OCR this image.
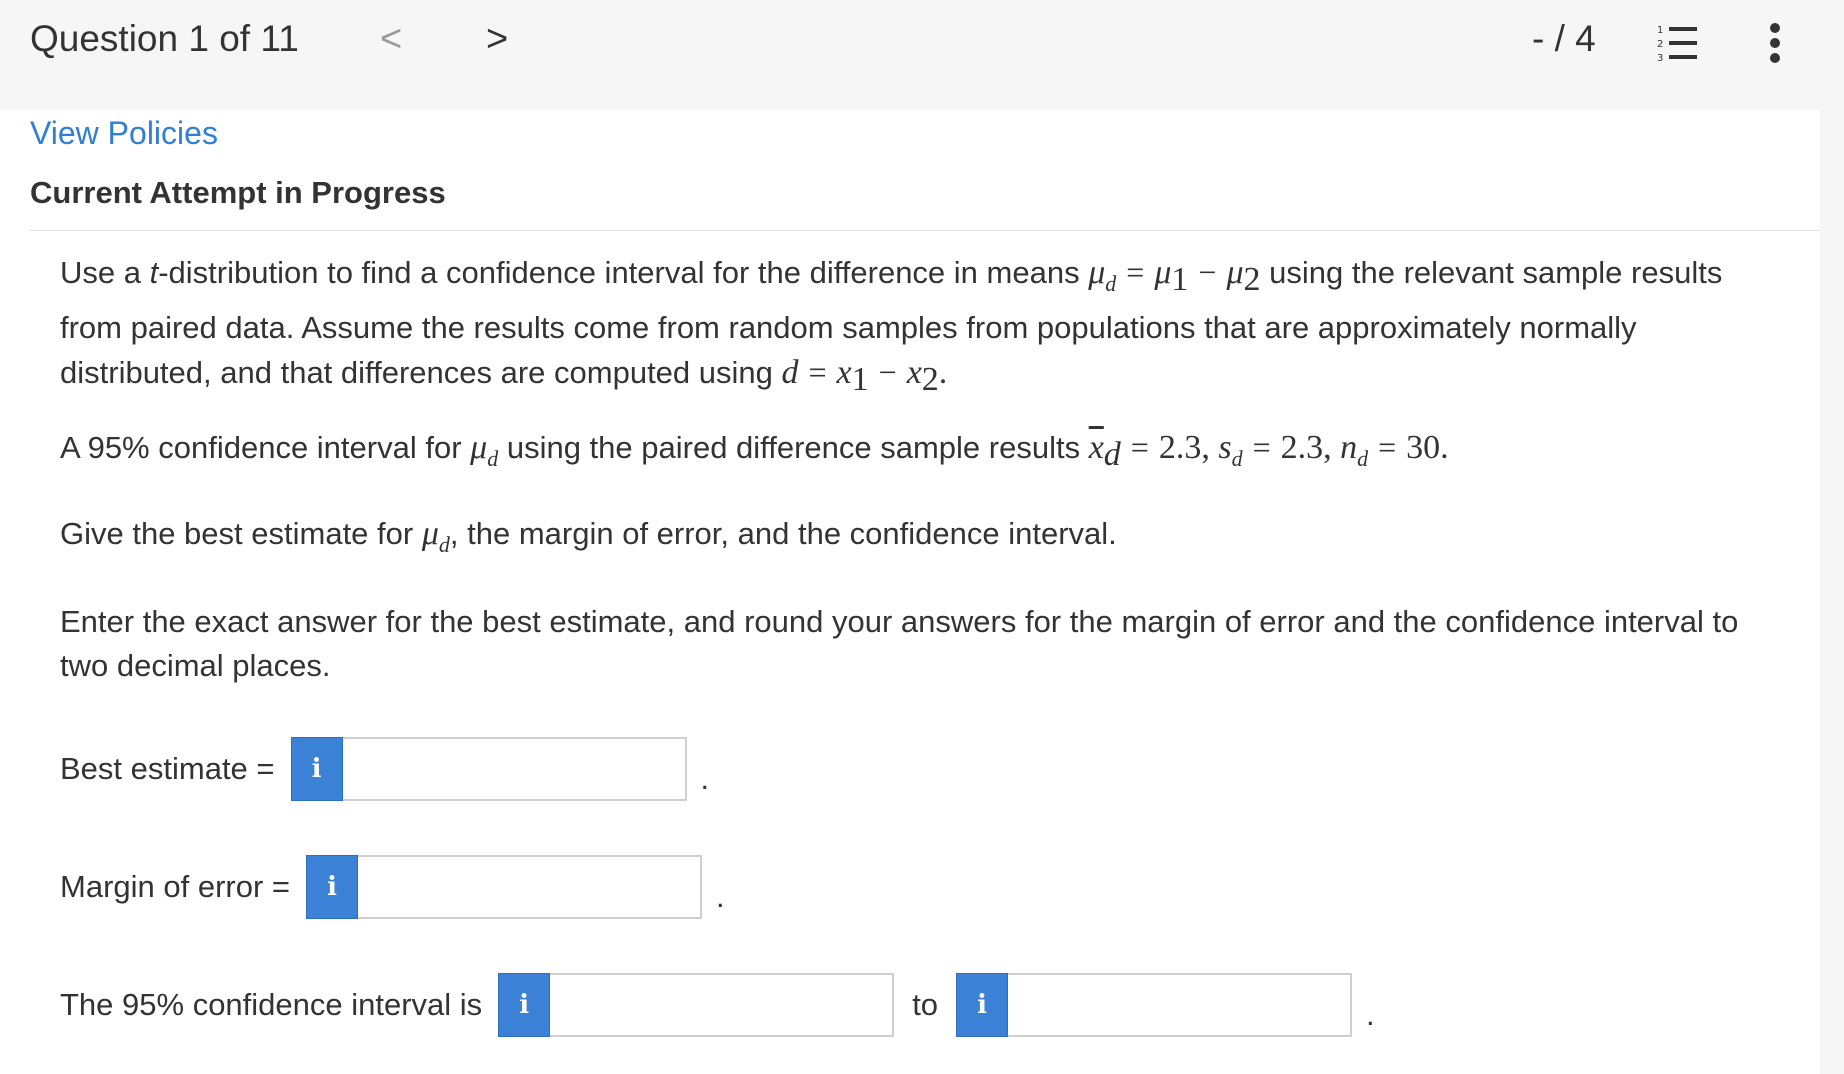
Question 1 of 11 < >	- / 4	1
2
3
View Policies
Current Attempt in Progress
Use a t-distribution to find a confidence interval for the difference in means $\mu_d = \mu_1 - \mu_2$ using the relevant sample results from paired data. Assume the results come from random samples from populations that are approximately normally distributed, and that differences are computed using $d = x_1 - x_2$.
A 95% confidence interval for $\mu_d$ using the paired difference sample results $\overline{x}_d = 2.3$, $s_d = 2.3$, $n_d = 30$.
Give the best estimate for $\mu_d$, the margin of error, and the confidence interval.
Enter the exact answer for the best estimate, and round your answers for the margin of error and the confidence interval to two decimal places.
Best estimate =	i	.
Margin of error =	i	.
The 95% confidence interval is	i	to	i	.
